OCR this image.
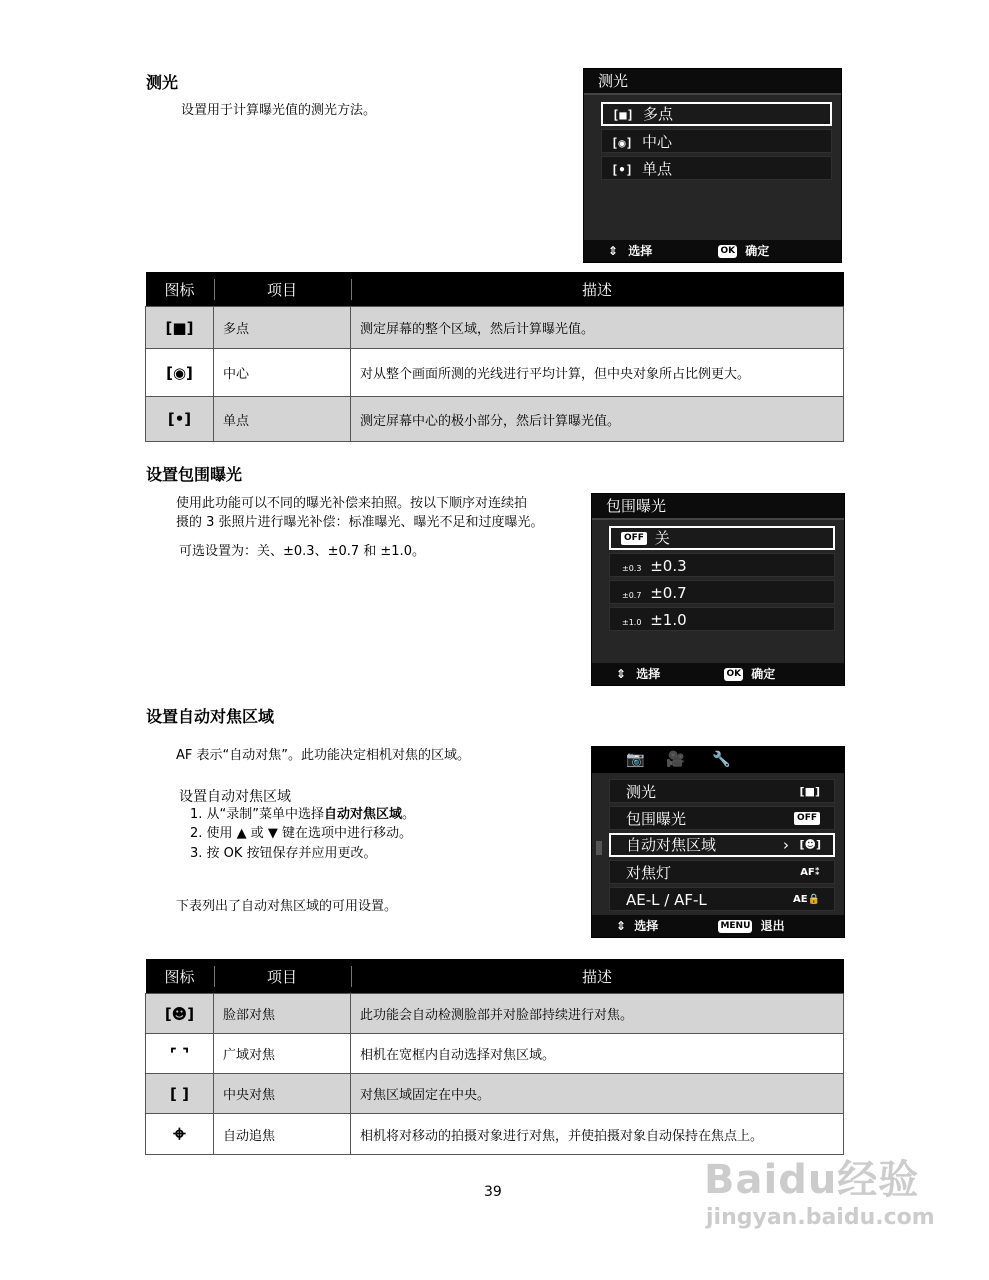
测光
设置用于计算曝光值的测光方法。
测光
[■] 多点
[◉] 中心
[•] 单点
⇕ 选择	OK 确定
图标	项目	描述
[■]	多点	测定屏幕的整个区域，然后计算曝光值。
[◉]	中心	对从整个画面所测的光线进行平均计算，但中央对象所占比例更大。
[•]	单点	测定屏幕中心的极小部分，然后计算曝光值。
设置包围曝光
使用此功能可以不同的曝光补偿来拍照。按以下顺序对连续拍
摄的 3 张照片进行曝光补偿：标准曝光、曝光不足和过度曝光。
可选设置为：关、±0.3、±0.7 和 ±1.0。
包围曝光
OFF 关
±0.3 ±0.3
±0.7 ±0.7
±1.0 ±1.0
⇕ 选择	OK 确定
设置自动对焦区域
AF 表示“自动对焦”。此功能决定相机对焦的区域。
设置自动对焦区域
1. 从“录制”菜单中选择自动对焦区域。
2. 使用 ▲ 或 ▼ 键在选项中进行移动。
3. 按 OK 按钮保存并应用更改。
下表列出了自动对焦区域的可用设置。
📷 🎥 🔧
测光	[■]
包围曝光	OFF
自动对焦区域	› [☻]
对焦灯	AF⁑
AE-L / AF-L	AE🔒
⇕ 选择	MENU 退出
图标	项目	描述
[☻]	脸部对焦	此功能会自动检测脸部并对脸部持续进行对焦。
⌜ ⌝	广域对焦	相机在宽框内自动选择对焦区域。
[ ]	中央对焦	对焦区域固定在中央。
⌖	自动追焦	相机将对移动的拍摄对象进行对焦，并使拍摄对象自动保持在焦点上。
39	Baidu经验
jingyan.baidu.com
